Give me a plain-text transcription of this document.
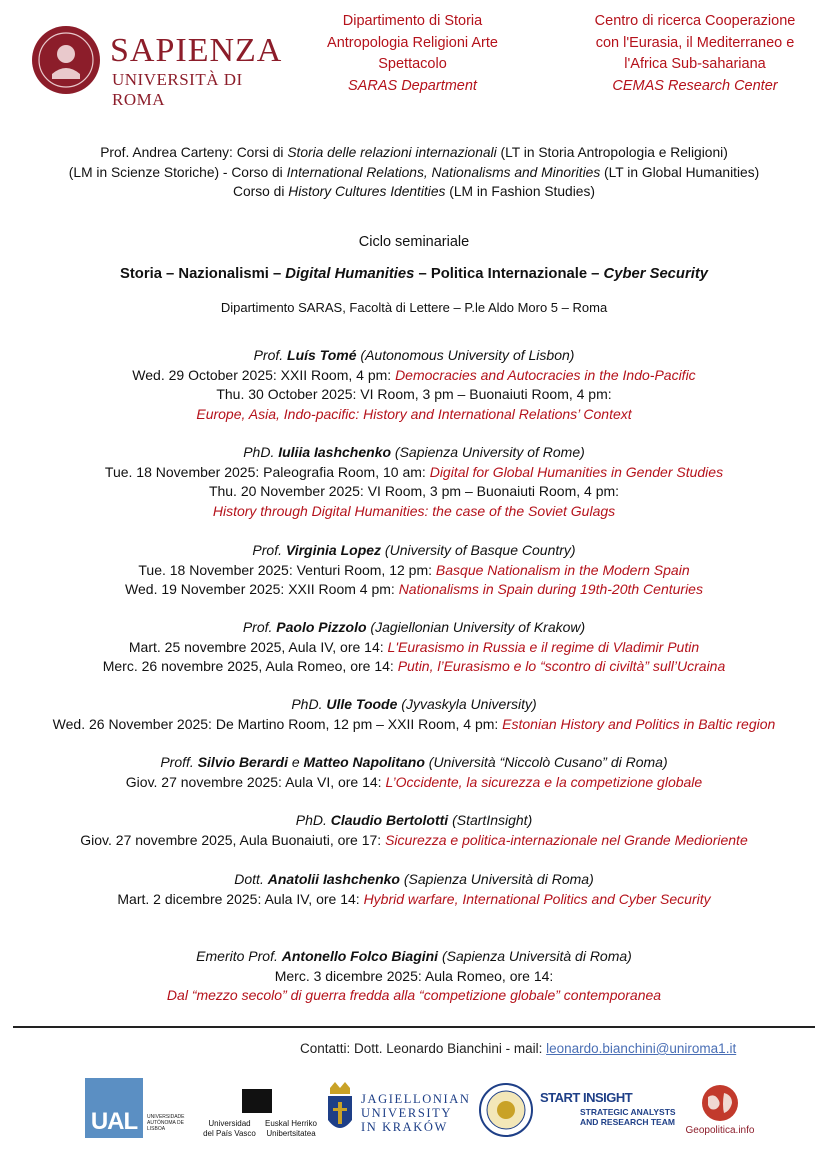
SAPIENZA
UNIVERSITÀ DI ROMA
Dipartimento di Storia
Antropologia Religioni Arte
Spettacolo
SARAS Department
Centro di ricerca Cooperazione
con l'Eurasia, il Mediterraneo e
l'Africa Sub-sahariana
CEMAS Research Center
Prof. Andrea Carteny: Corsi di Storia delle relazioni internazionali (LT in Storia Antropologia e Religioni)
(LM in Scienze Storiche) - Corso di International Relations, Nationalisms and Minorities (LT in Global Humanities)
Corso di History Cultures Identities (LM in Fashion Studies)
Ciclo seminariale
Storia – Nazionalismi – Digital Humanities – Politica Internazionale – Cyber Security
Dipartimento SARAS, Facoltà di Lettere – P.le Aldo Moro 5 – Roma
Prof. Luís Tomé (Autonomous University of Lisbon)
Wed. 29 October 2025: XXII Room, 4 pm: Democracies and Autocracies in the Indo-Pacific
Thu. 30 October 2025: VI Room, 3 pm – Buonaiuti Room, 4 pm:
Europe, Asia, Indo-pacific: History and International Relations’ Context
PhD. Iuliia Iashchenko (Sapienza University of Rome)
Tue. 18 November 2025: Paleografia Room, 10 am: Digital for Global Humanities in Gender Studies
Thu. 20 November 2025: VI Room, 3 pm – Buonaiuti Room, 4 pm:
History through Digital Humanities: the case of the Soviet Gulags
Prof. Virginia Lopez (University of Basque Country)
Tue. 18 November 2025: Venturi Room, 12 pm: Basque Nationalism in the Modern Spain
Wed. 19 November 2025: XXII Room 4 pm: Nationalisms in Spain during 19th-20th Centuries
Prof. Paolo Pizzolo (Jagiellonian University of Krakow)
Mart. 25 novembre 2025, Aula IV, ore 14: L'Eurasismo in Russia e il regime di Vladimir Putin
Merc. 26 novembre 2025, Aula Romeo, ore 14: Putin, l’Eurasismo e lo “scontro di civiltà” sull’Ucraina
PhD. Ulle Toode (Jyvaskyla University)
Wed. 26 November 2025: De Martino Room, 12 pm – XXII Room, 4 pm: Estonian History and Politics in Baltic region
Proff. Silvio Berardi e Matteo Napolitano (Università “Niccolò Cusano” di Roma)
Giov. 27 novembre 2025: Aula VI, ore 14: L’Occidente, la sicurezza e la competizione globale
PhD. Claudio Bertolotti (StartInsight)
Giov. 27 novembre 2025, Aula Buonaiuti, ore 17: Sicurezza e politica-internazionale nel Grande Medioriente
Dott. Anatolii Iashchenko (Sapienza Università di Roma)
Mart. 2 dicembre 2025: Aula IV, ore 14: Hybrid warfare, International Politics and Cyber Security
Emerito Prof. Antonello Folco Biagini (Sapienza Università di Roma)
Merc. 3 dicembre 2025: Aula Romeo, ore 14:
Dal “mezzo secolo” di guerra fredda alla “competizione globale” contemporanea
Contatti: Dott. Leonardo Bianchini - mail: leonardo.bianchini@uniroma1.it
UAL	UNIVERSIDADE AUTÓNOMA DE LISBOA
Universidad del País Vasco
Euskal Herriko Unibertsitatea
JAGIELLONIAN
UNIVERSITY
IN KRAKÓW
START INSIGHT
STRATEGIC ANALYSTS AND RESEARCH TEAM
Geopolitica.info
